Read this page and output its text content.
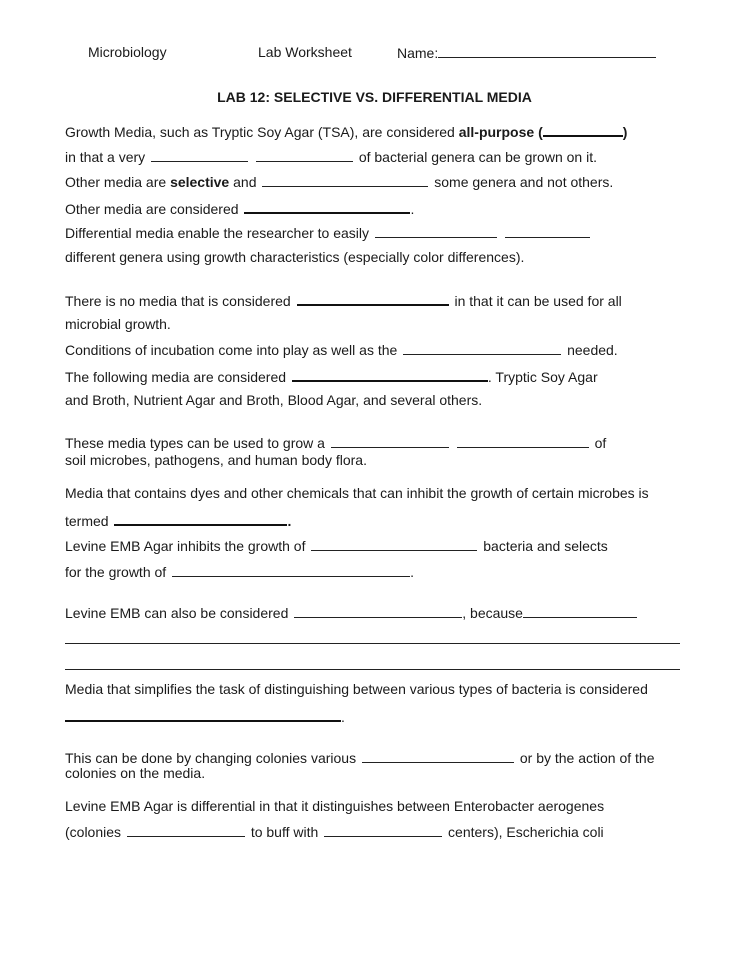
Microbiology	Lab Worksheet	Name:
LAB 12: SELECTIVE VS. DIFFERENTIAL MEDIA
Growth Media, such as Tryptic Soy Agar (TSA), are considered all-purpose (	)
in that a very	of bacterial genera can be grown on it.
Other media are selective and	some genera and not others.
Other media are considered	.
Differential media enable the researcher to easily
different genera using growth characteristics (especially color differences).
There is no media that is considered	in that it can be used for all
microbial growth.
Conditions of incubation come into play as well as the	needed.
The following media are considered	. Tryptic Soy Agar
and Broth, Nutrient Agar and Broth, Blood Agar, and several others.
These media types can be used to grow a	of
soil microbes, pathogens, and human body flora.
Media that contains dyes and other chemicals that can inhibit the growth of certain microbes is
termed	.
Levine EMB Agar inhibits the growth of	bacteria and selects
for the growth of	.
Levine EMB can also be considered	, because
Media that simplifies the task of distinguishing between various types of bacteria is considered
.
This can be done by changing colonies various	or by the action of the
colonies on the media.
Levine EMB Agar is differential in that it distinguishes between Enterobacter aerogenes
(colonies	to buff with	centers), Escherichia coli
